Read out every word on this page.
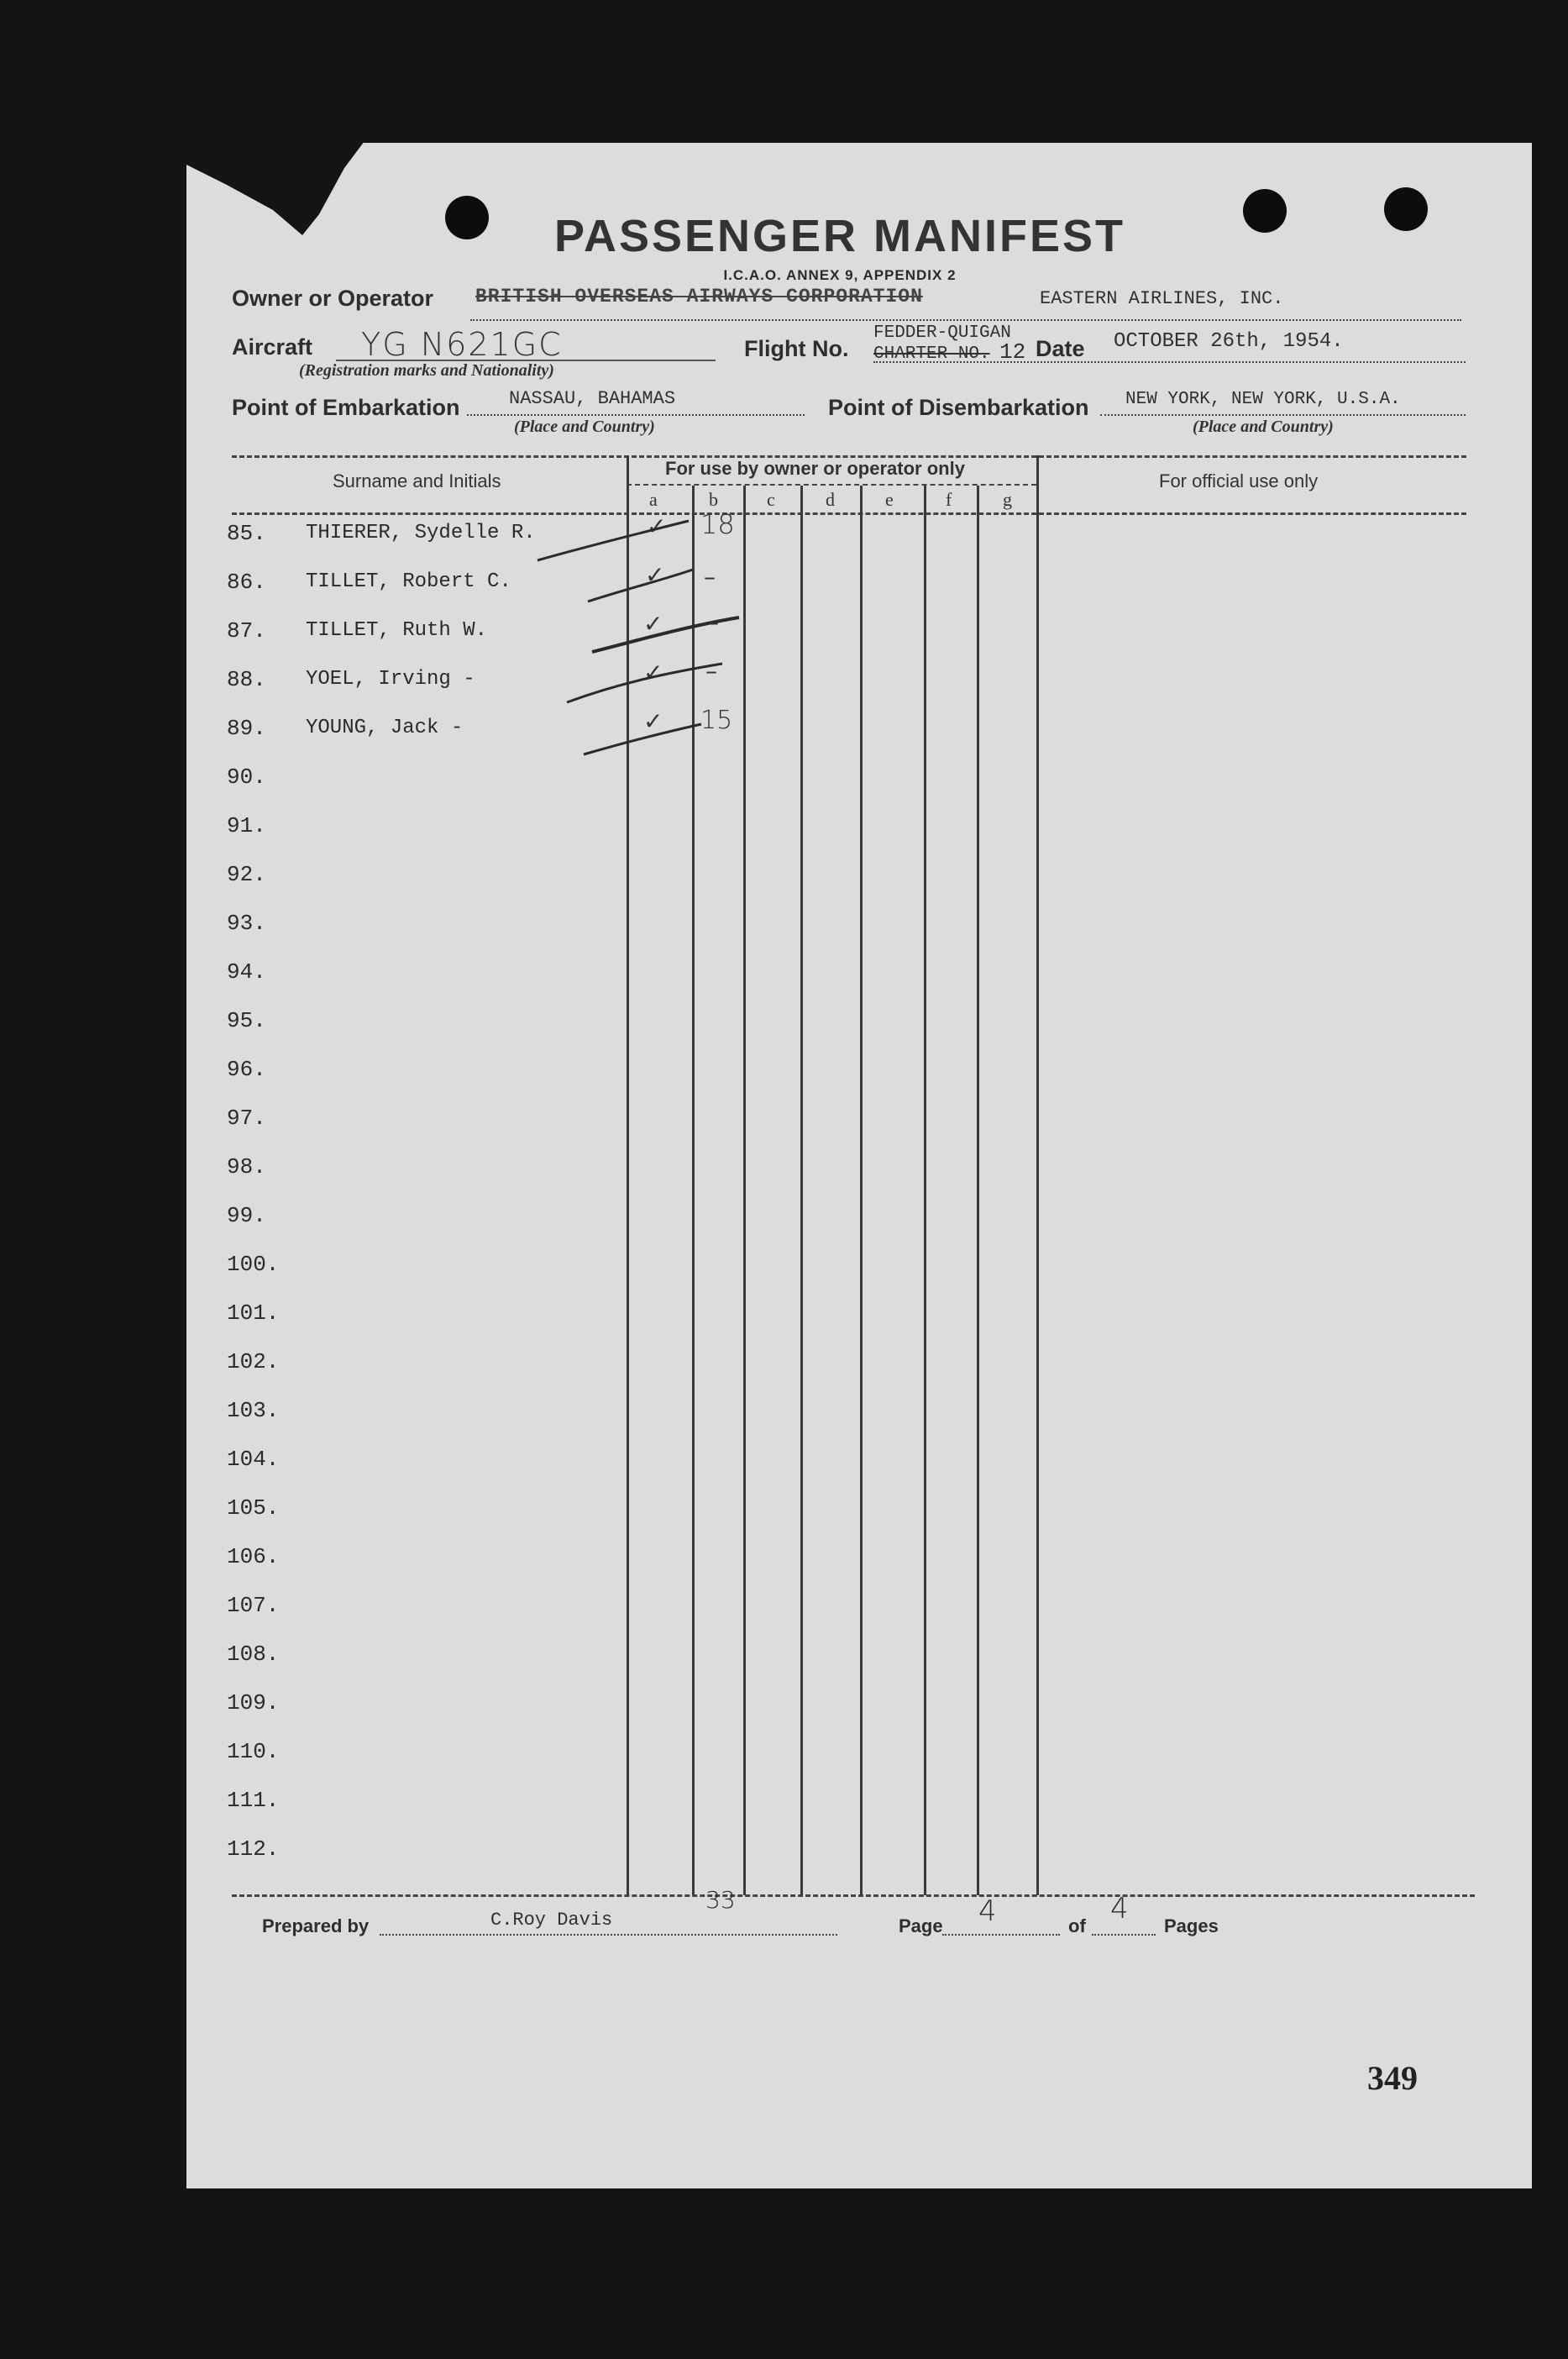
PASSENGER MANIFEST
I.C.A.O. ANNEX 9, APPENDIX 2
Owner or Operator BRITISH OVERSEAS AIRWAYS CORPORATION	EASTERN AIRLINES, INC.
Aircraft YG N621GC
(Registration marks and Nationality)
Flight No.
FEDDER-QUIGAN
CHARTER NO. 12 Date OCTOBER 26th, 1954.
Point of Embarkation	NASSAU, BAHAMAS
(Place and Country)
Point of Disembarkation NEW YORK, NEW YORK, U.S.A.
(Place and Country)
Surname and Initials
For use by owner or operator only
For official use only
a	b	c	d	e	f	g
85. THIERER, Sydelle R.	✓ 18
86. TILLET, Robert C.	✓ –
87. TILLET, Ruth W.	✓ –
88. YOEL, Irving -	✓ –
89. YOUNG, Jack -	✓ 15
90.
91.
92.
93.
94.
95.
96.
97.
98.
99.
100.
101.
102.
103.
104.
105.
106.
107.
108.
109.
110.
111.
112.
Prepared by	C.Roy Davis
33
Page 4	of
4
Pages
349
